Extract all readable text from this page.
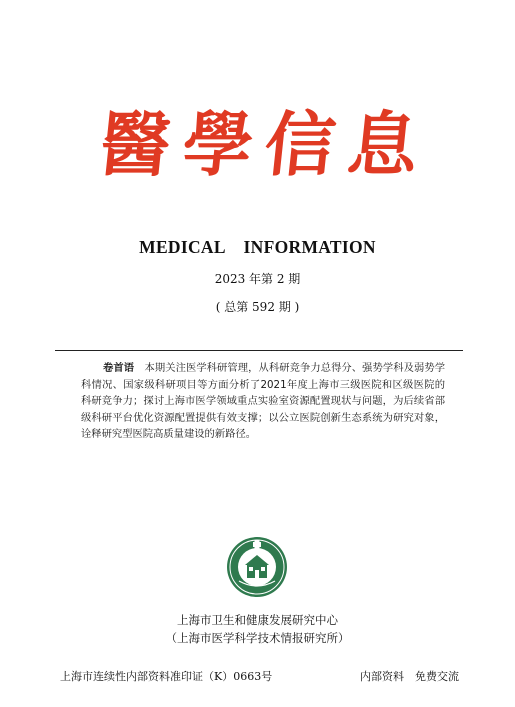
醫 學 信 息
MEDICAL    INFORMATION
2023 年第 2 期
( 总第 592 期 )

卷首语　 本期关注医学科研管理，从科研竞争力总得分、强势学科及弱势学科情况、国家级科研项目等方面分析了2021年度上海市三级医院和区级医院的科研竞争力；探讨上海市医学领域重点实验室资源配置现状与问题，为后续省部级科研平台优化资源配置提供有效支撑；以公立医院创新生态系统为研究对象，诠释研究型医院高质量建设的新路径。

上海市卫生和健康发展研究中心
（上海市医学科学技术情报研究所）
上海市连续性内部资料准印证（K）0663号	内部资料　免费交流
